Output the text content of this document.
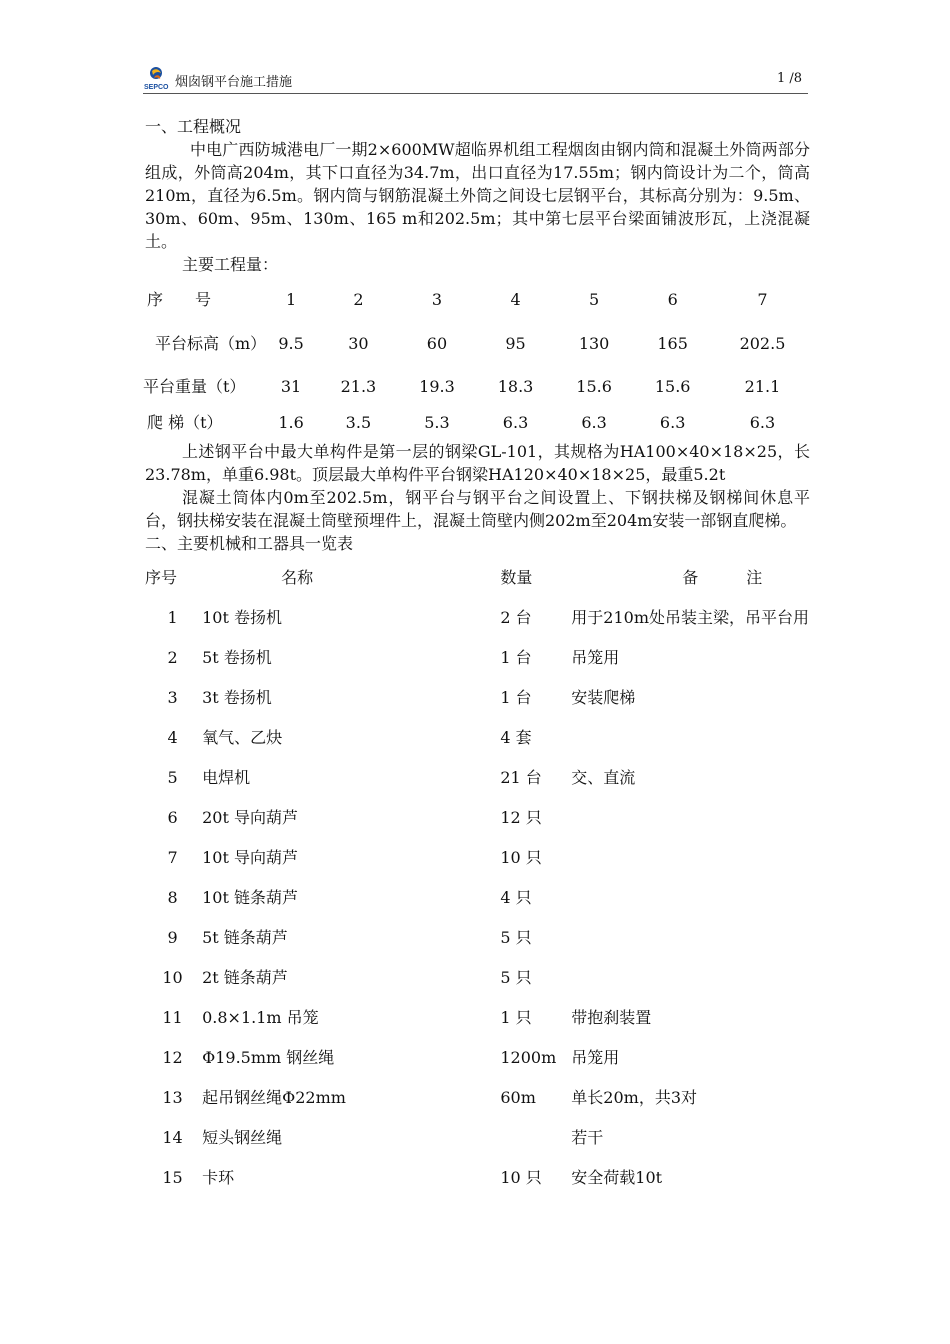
SEPCO 烟囱钢平台施工措施	1 /8
一、工程概况

中电广西防城港电厂一期2×600MW超临界机组工程烟囱由钢内筒和混凝土外筒两部分组成，外筒高204m，其下口直径为34.7m，出口直径为17.55m；钢内筒设计为二个，筒高210m，直径为6.5m。钢内筒与钢筋混凝土外筒之间设七层钢平台，其标高分别为：9.5m、30m、60m、95m、130m、165 m和202.5m；其中第七层平台梁面铺波形瓦，上浇混凝土。

主要工程量：

序　　号	1	2	3	4	5	6	7
平台标高（m）	9.5	30	60	95	130	165	202.5
平台重量（t）	31	21.3	19.3	18.3	15.6	15.6	21.1
爬 梯（t）	1.6	3.5	5.3	6.3	6.3	6.3	6.3

上述钢平台中最大单构件是第一层的钢梁GL-101，其规格为HA100×40×18×25，长23.78m，单重6.98t。顶层最大单构件平台钢梁HA120×40×18×25，最重5.2t

混凝土筒体内0m至202.5m，钢平台与钢平台之间设置上、下钢扶梯及钢梯间休息平台，钢扶梯安装在混凝土筒壁预埋件上，混凝土筒壁内侧202m至204m安装一部钢直爬梯。

二、主要机械和工器具一览表
序号	名称	数量	备　　　注
1	10t 卷扬机	2 台	用于210m处吊装主梁，吊平台用
2	5t 卷扬机	1 台	吊笼用
3	3t 卷扬机	1 台	安装爬梯
4	氧气、乙炔	4 套	
5	电焊机	21 台	交、直流
6	20t 导向葫芦	12 只	
7	10t 导向葫芦	10 只	
8	10t 链条葫芦	4 只	
9	5t 链条葫芦	5 只	
10	2t 链条葫芦	5 只	
11	0.8×1.1m 吊笼	1 只	带抱刹装置
12	Φ19.5mm 钢丝绳	1200m	吊笼用
13	起吊钢丝绳Φ22mm	60m	单长20m，共3对
14	短头钢丝绳		若干
15	卡环	10 只	安全荷载10t
